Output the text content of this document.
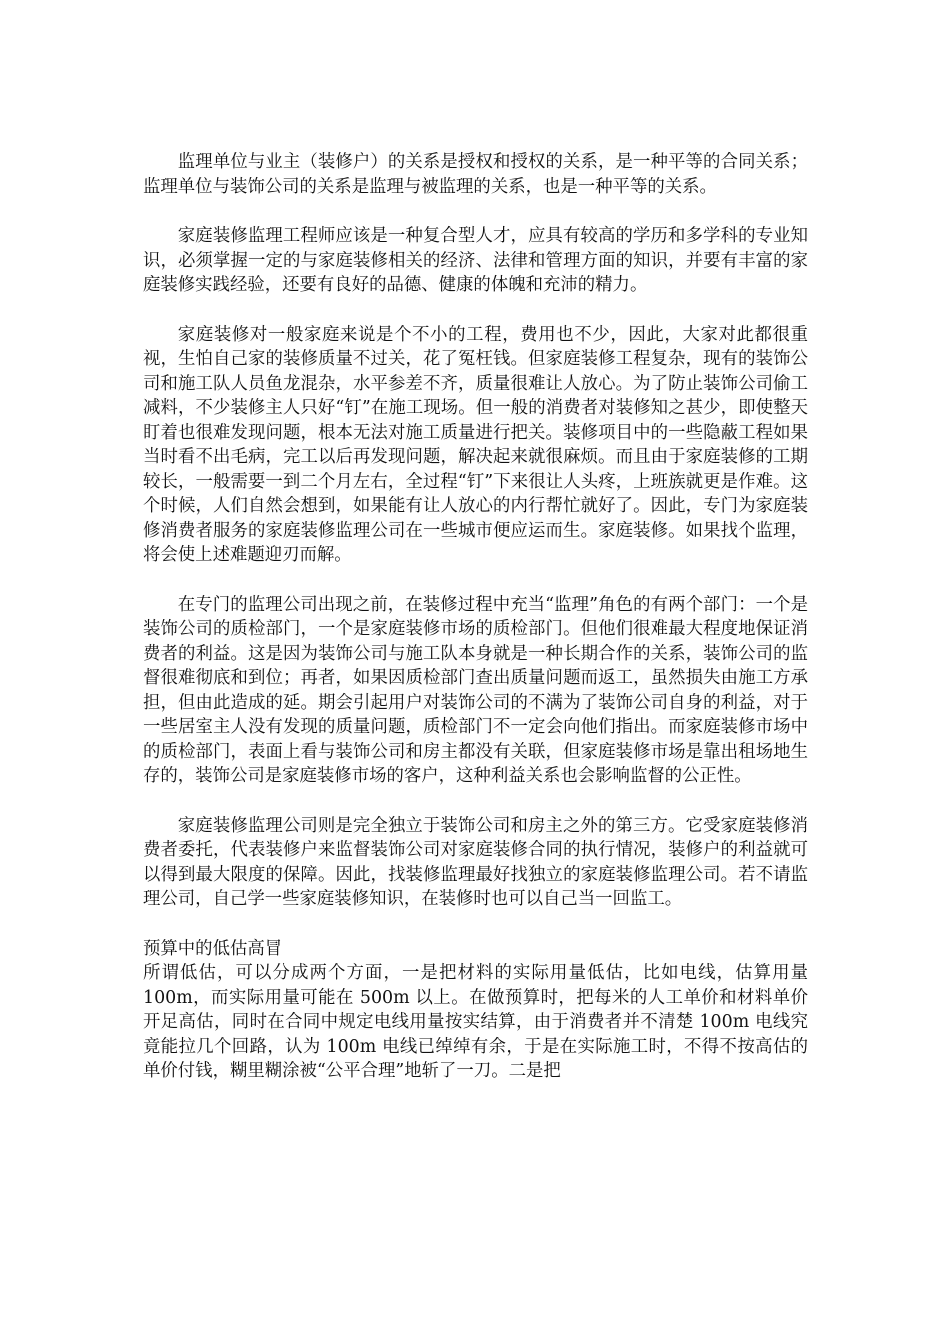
监理单位与业主（装修户）的关系是授权和授权的关系，是一种平等的合同关系；监理单位与装饰公司的关系是监理与被监理的关系，也是一种平等的关系。

家庭装修监理工程师应该是一种复合型人才，应具有较高的学历和多学科的专业知识，必须掌握一定的与家庭装修相关的经济、法律和管理方面的知识，并要有丰富的家庭装修实践经验，还要有良好的品德、健康的体魄和充沛的精力。

家庭装修对一般家庭来说是个不小的工程，费用也不少，因此，大家对此都很重视，生怕自己家的装修质量不过关，花了冤枉钱。但家庭装修工程复杂，现有的装饰公司和施工队人员鱼龙混杂，水平参差不齐，质量很难让人放心。为了防止装饰公司偷工减料，不少装修主人只好“钉”在施工现场。但一般的消费者对装修知之甚少，即使整天盯着也很难发现问题，根本无法对施工质量进行把关。装修项目中的一些隐蔽工程如果当时看不出毛病，完工以后再发现问题，解决起来就很麻烦。而且由于家庭装修的工期较长，一般需要一到二个月左右，全过程“钉”下来很让人头疼，上班族就更是作难。这个时候，人们自然会想到，如果能有让人放心的内行帮忙就好了。因此，专门为家庭装修消费者服务的家庭装修监理公司在一些城市便应运而生。家庭装修。如果找个监理，将会使上述难题迎刃而解。

在专门的监理公司出现之前，在装修过程中充当“监理”角色的有两个部门：一个是装饰公司的质检部门，一个是家庭装修市场的质检部门。但他们很难最大程度地保证消费者的利益。这是因为装饰公司与施工队本身就是一种长期合作的关系，装饰公司的监督很难彻底和到位；再者，如果因质检部门查出质量问题而返工，虽然损失由施工方承担，但由此造成的延。期会引起用户对装饰公司的不满为了装饰公司自身的利益，对于一些居室主人没有发现的质量问题，质检部门不一定会向他们指出。而家庭装修市场中的质检部门，表面上看与装饰公司和房主都没有关联，但家庭装修市场是靠出租场地生存的，装饰公司是家庭装修市场的客户，这种利益关系也会影响监督的公正性。

家庭装修监理公司则是完全独立于装饰公司和房主之外的第三方。它受家庭装修消费者委托，代表装修户来监督装饰公司对家庭装修合同的执行情况，装修户的利益就可以得到最大限度的保障。因此，找装修监理最好找独立的家庭装修监理公司。若不请监理公司，自己学一些家庭装修知识，在装修时也可以自己当一回监工。

预算中的低估高冒

所谓低估，可以分成两个方面，一是把材料的实际用量低估，比如电线，估算用量 100m，而实际用量可能在 500m 以上。在做预算时，把每米的人工单价和材料单价开足高估，同时在合同中规定电线用量按实结算，由于消费者并不清楚 100m 电线究竟能拉几个回路，认为 100m 电线已绰绰有余，于是在实际施工时，不得不按高估的单价付钱，糊里糊涂被“公平合理”地斩了一刀。二是把
